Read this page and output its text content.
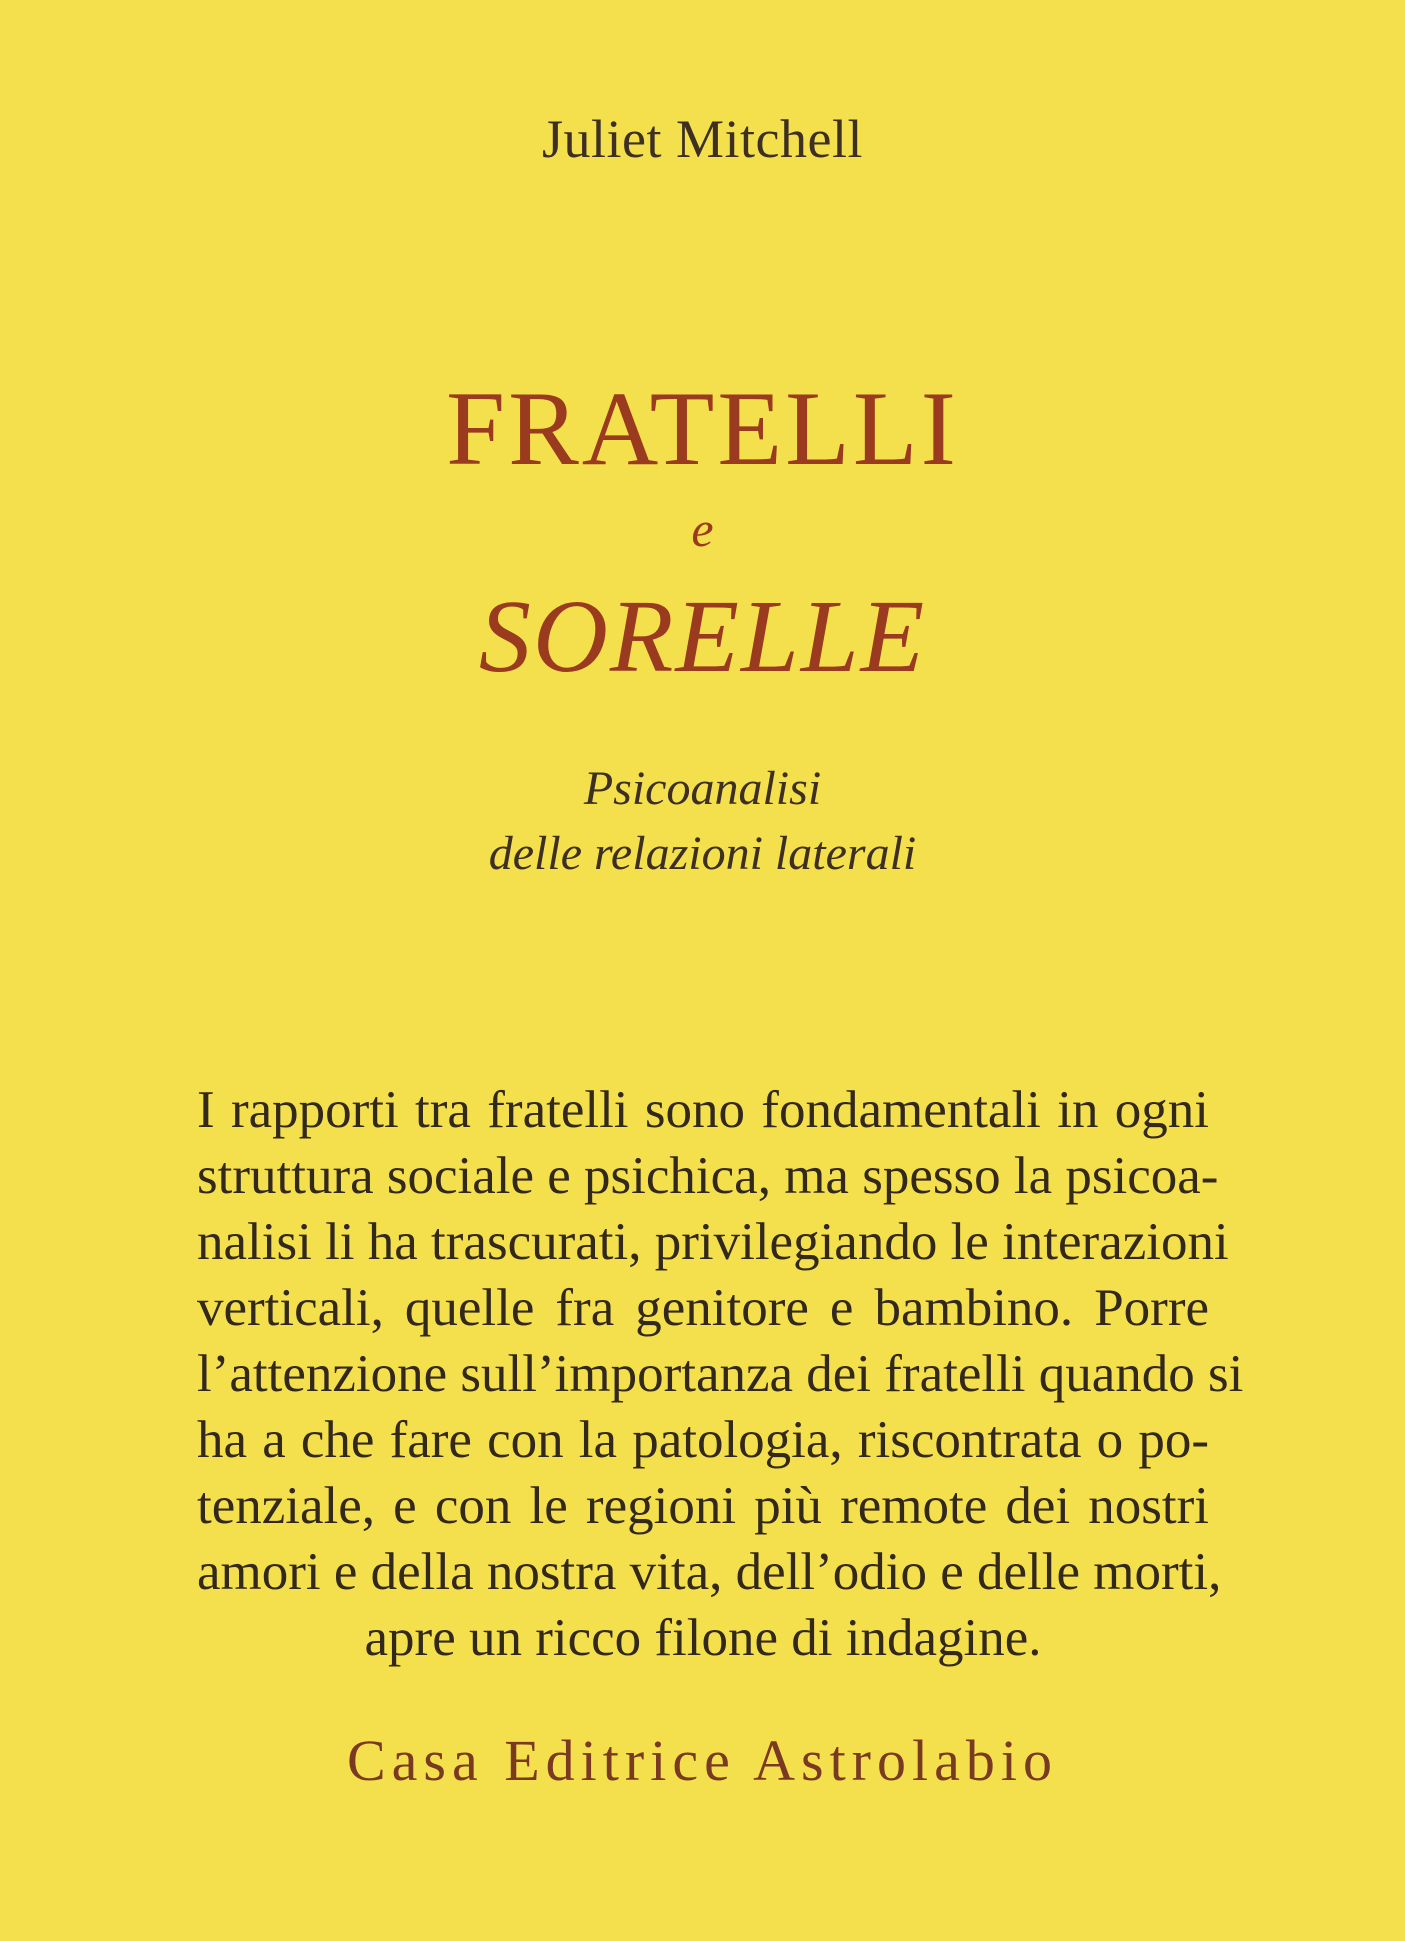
Juliet Mitchell
FRATELLI
e
SORELLE
Psicoanalisi
delle relazioni laterali
I rapporti tra fratelli sono fondamentali in ogni
struttura sociale e psichica, ma spesso la psicoa-
nalisi li ha trascurati, privilegiando le interazioni
verticali, quelle fra genitore e bambino. Porre
l’attenzione sull’importanza dei fratelli quando si
ha a che fare con la patologia, riscontrata o po-
tenziale, e con le regioni più remote dei nostri
amori e della nostra vita, dell’odio e delle morti,
apre un ricco filone di indagine.
Casa Editrice Astrolabio
